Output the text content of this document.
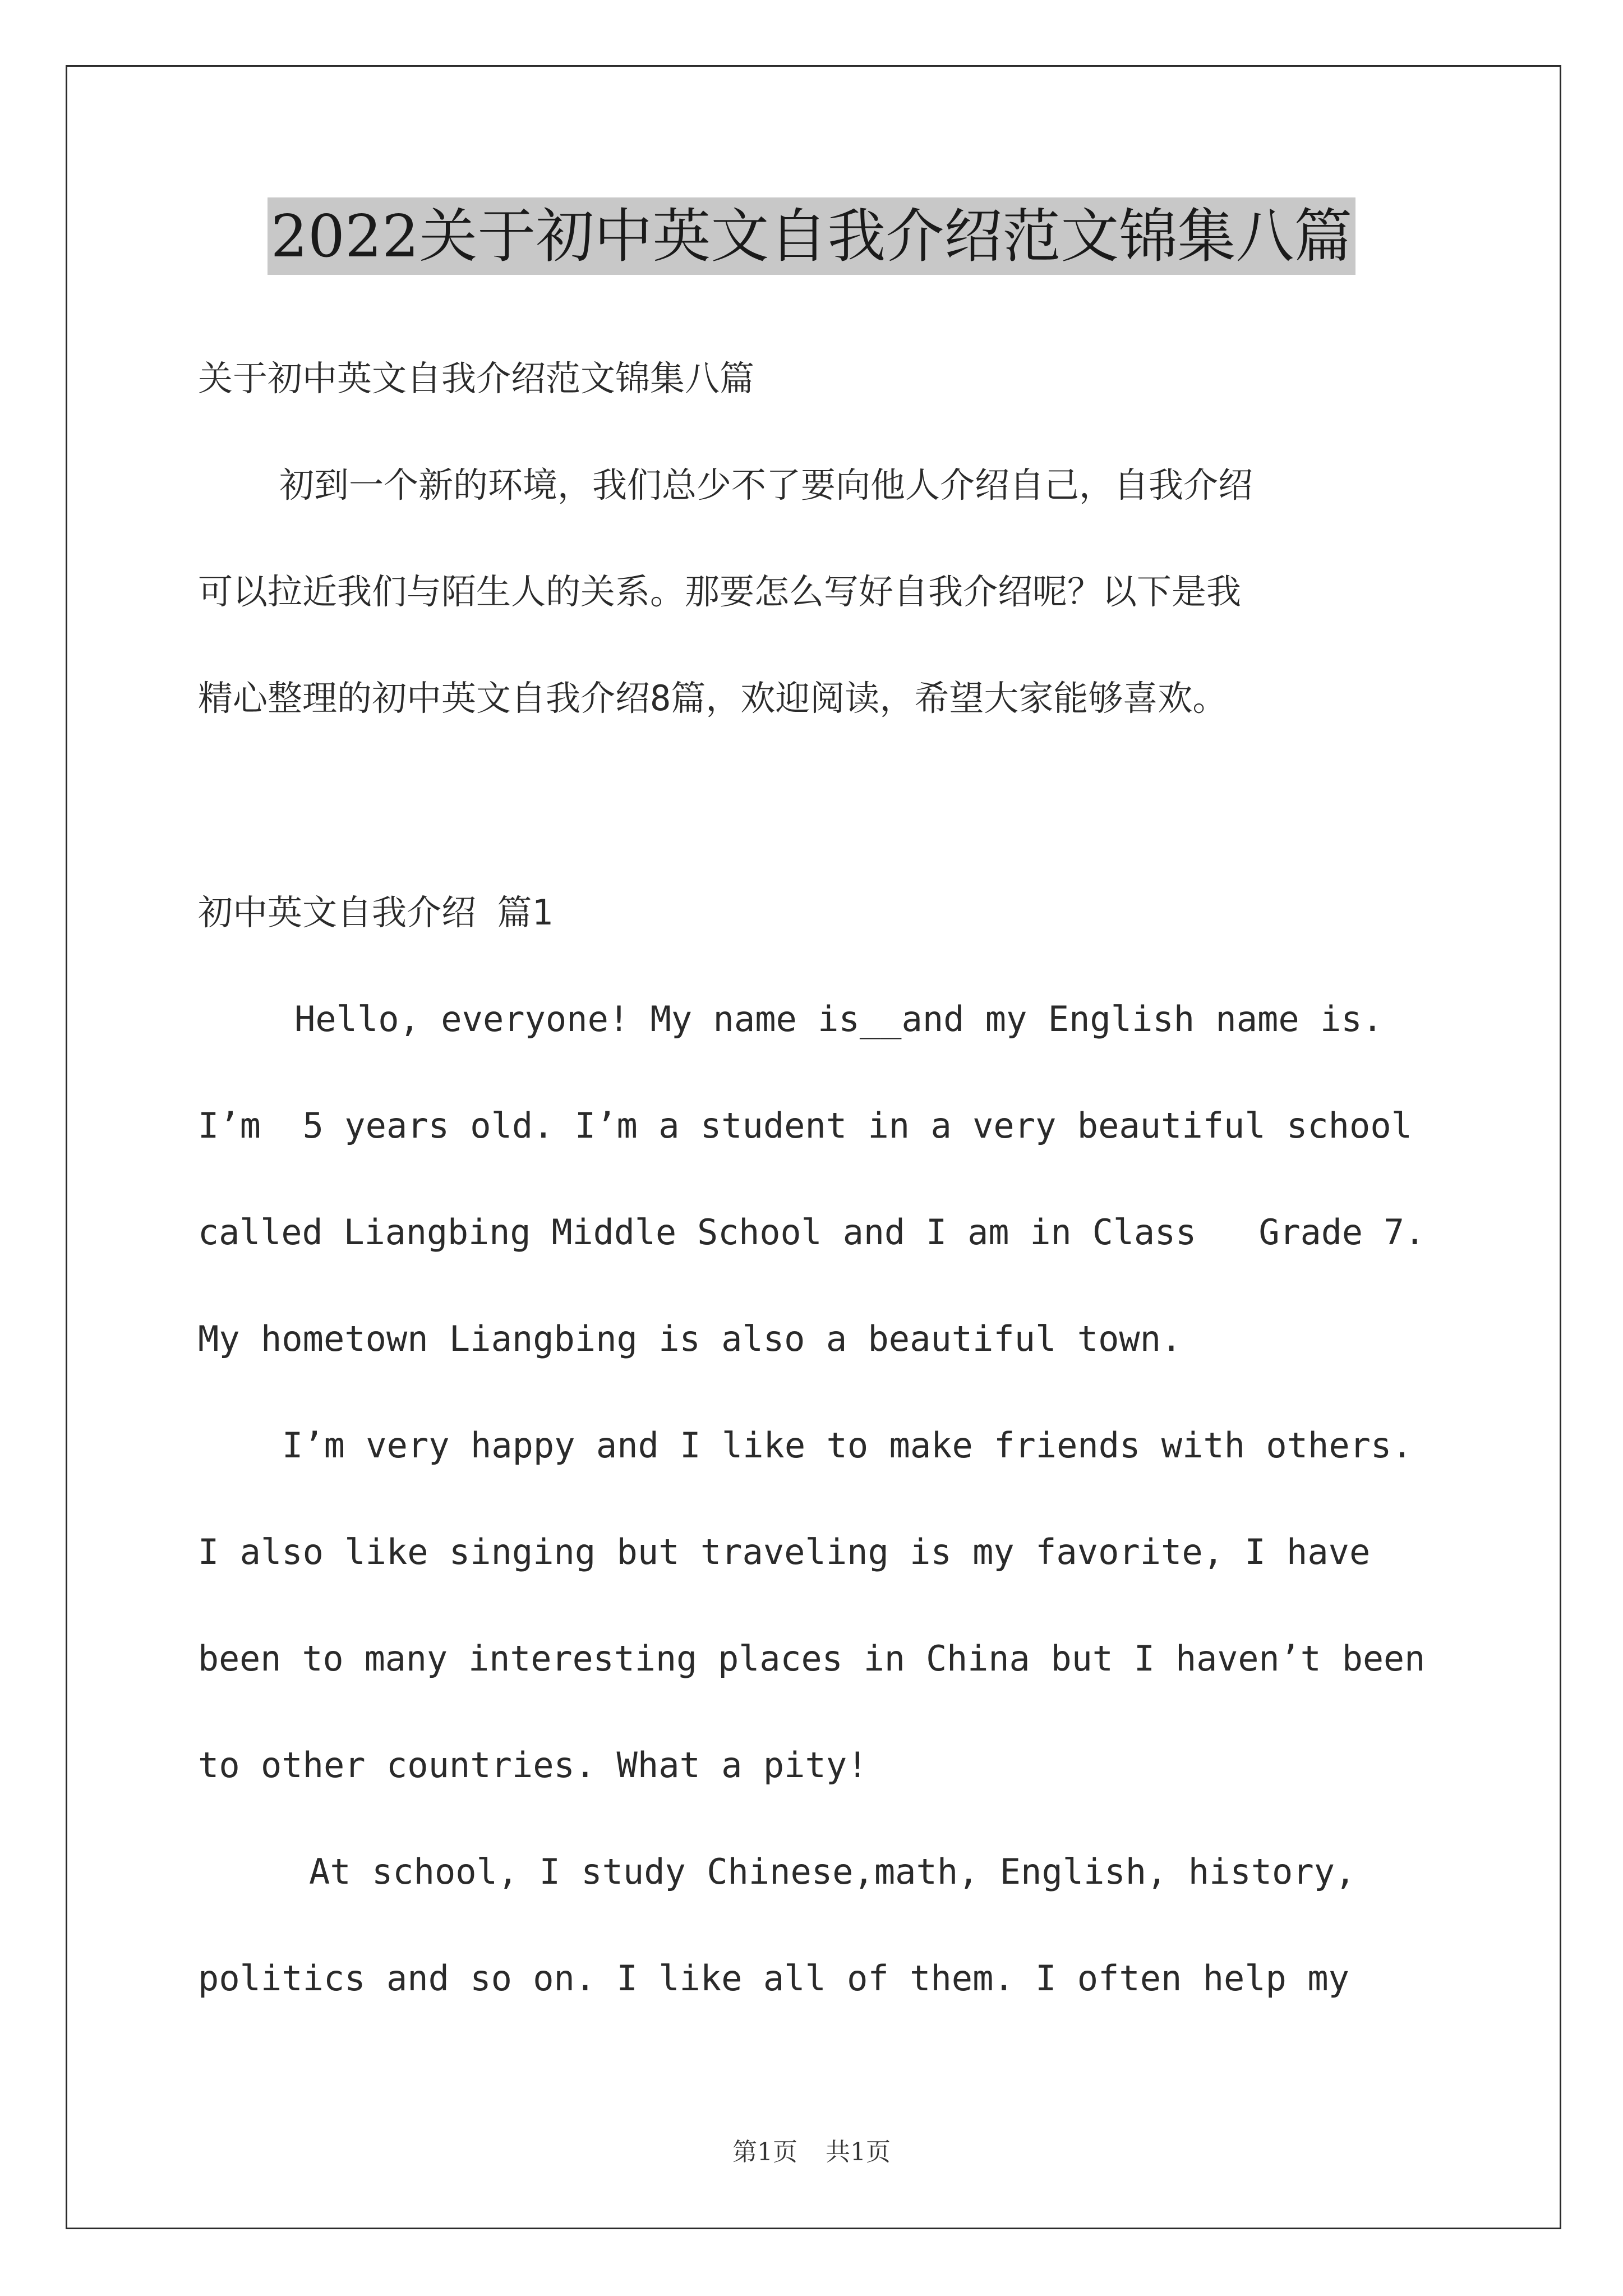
2022关于初中英文自我介绍范文锦集八篇
关于初中英文自我介绍范文锦集八篇
初到一个新的环境，我们总少不了要向他人介绍自己，自我介绍
可以拉近我们与陌生人的关系。那要怎么写好自我介绍呢？以下是我
精心整理的初中英文自我介绍8篇，欢迎阅读，希望大家能够喜欢。
初中英文自我介绍 篇1
Hello, everyone! My name is__and my English name is.
I’m  5 years old. I’m a student in a very beautiful school
called Liangbing Middle School and I am in Class   Grade 7.
My hometown Liangbing is also a beautiful town.
I’m very happy and I like to make friends with others.
I also like singing but traveling is my favorite, I have
been to many interesting places in China but I haven’t been
to other countries. What a pity!
At school, I study Chinese,math, English, history,
politics and so on. I like all of them. I often help my
第1页 共1页
